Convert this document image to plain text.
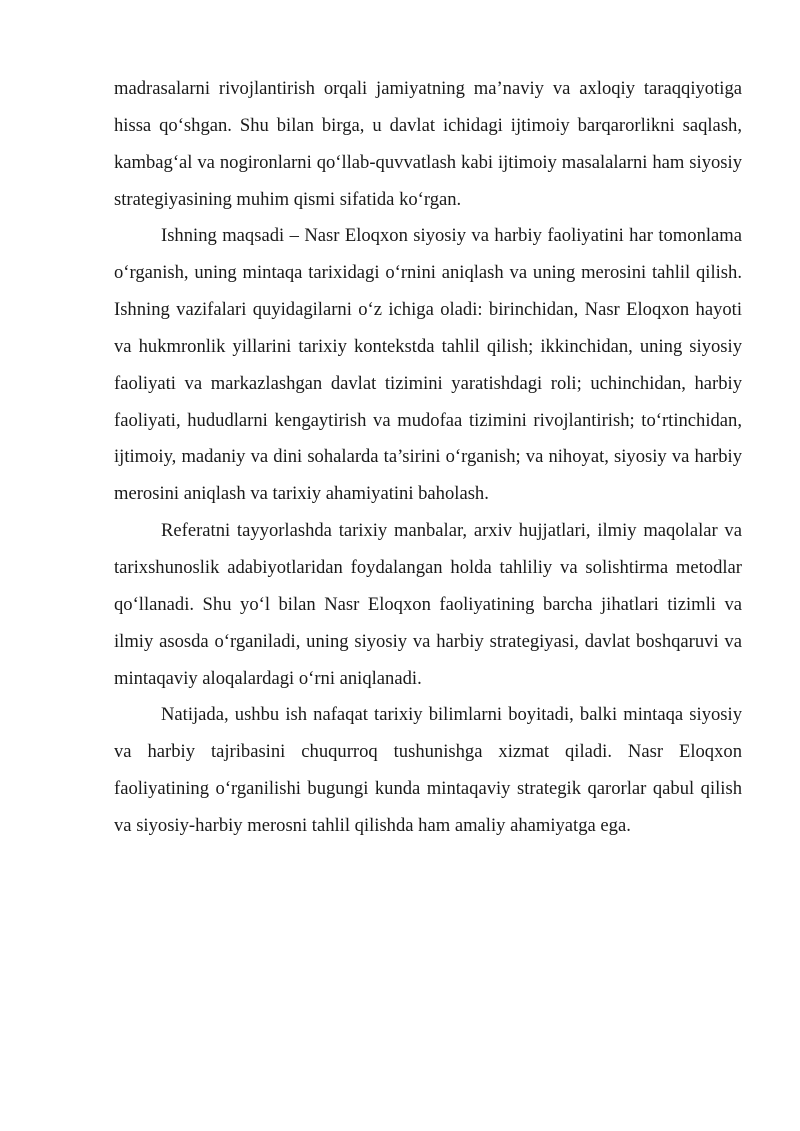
madrasalarni rivojlantirish orqali jamiyatning ma’naviy va axloqiy taraqqiyotiga hissa qo‘shgan. Shu bilan birga, u davlat ichidagi ijtimoiy barqarorlikni saqlash, kambag‘al va nogironlarni qo‘llab-quvvatlash kabi ijtimoiy masalalarni ham siyosiy strategiyasining muhim qismi sifatida ko‘rgan.

Ishning maqsadi – Nasr Eloqxon siyosiy va harbiy faoliyatini har tomonlama o‘rganish, uning mintaqa tarixidagi o‘rnini aniqlash va uning merosini tahlil qilish. Ishning vazifalari quyidagilarni o‘z ichiga oladi: birinchidan, Nasr Eloqxon hayoti va hukmronlik yillarini tarixiy kontekstda tahlil qilish; ikkinchidan, uning siyosiy faoliyati va markazlashgan davlat tizimini yaratishdagi roli; uchinchidan, harbiy faoliyati, hududlarni kengaytirish va mudofaa tizimini rivojlantirish; to‘rtinchidan, ijtimoiy, madaniy va dini sohalarda ta’sirini o‘rganish; va nihoyat, siyosiy va harbiy merosini aniqlash va tarixiy ahamiyatini baholash.

Referatni tayyorlashda tarixiy manbalar, arxiv hujjatlari, ilmiy maqolalar va tarixshunoslik adabiyotlaridan foydalangan holda tahliliy va solishtirma metodlar qo‘llanadi. Shu yo‘l bilan Nasr Eloqxon faoliyatining barcha jihatlari tizimli va ilmiy asosda o‘rganiladi, uning siyosiy va harbiy strategiyasi, davlat boshqaruvi va mintaqaviy aloqalardagi o‘rni aniqlanadi.

Natijada, ushbu ish nafaqat tarixiy bilimlarni boyitadi, balki mintaqa siyosiy va harbiy tajribasini chuqurroq tushunishga xizmat qiladi. Nasr Eloqxon faoliyatining o‘rganilishi bugungi kunda mintaqaviy strategik qarorlar qabul qilish va siyosiy-harbiy merosni tahlil qilishda ham amaliy ahamiyatga ega.
